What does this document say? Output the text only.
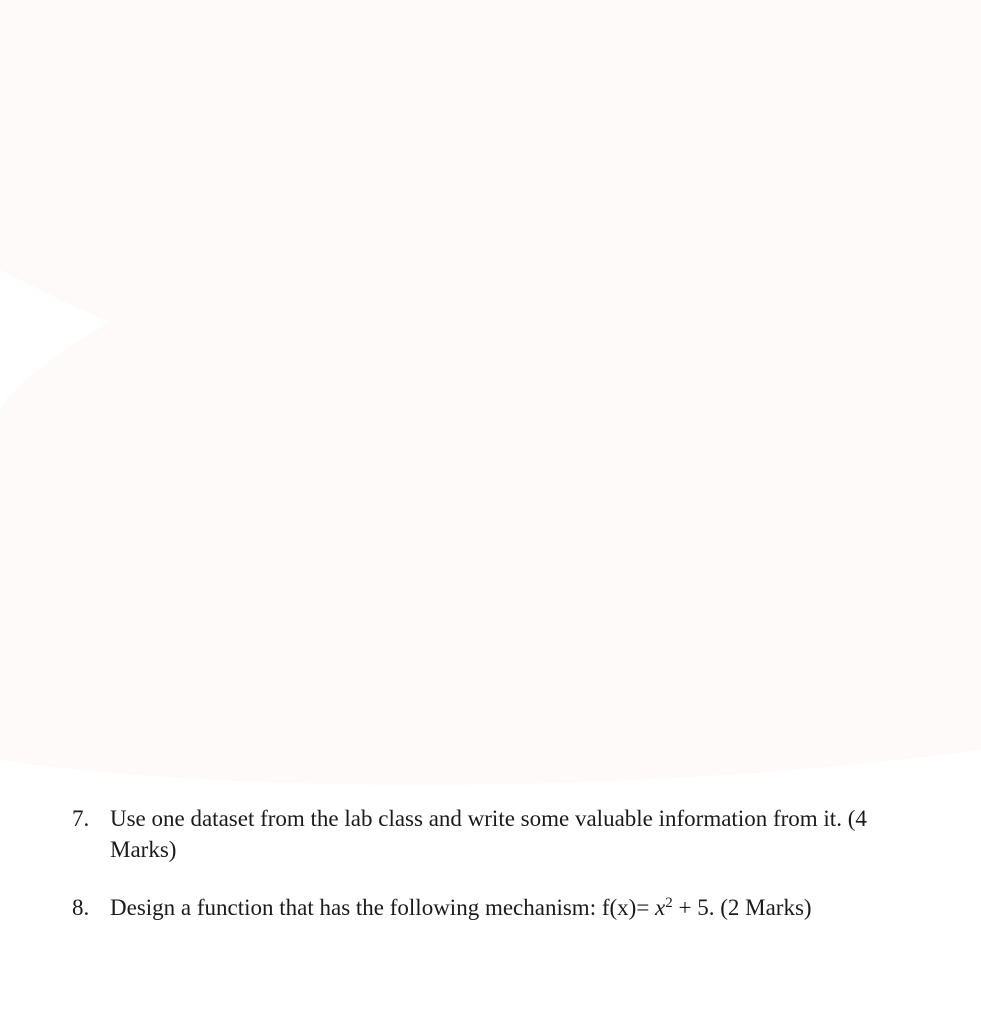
7. Use one dataset from the lab class and write some valuable information from it. (4
Marks)
8. Design a function that has the following mechanism: $f(x)= x^2 + 5$. (2 Marks)
